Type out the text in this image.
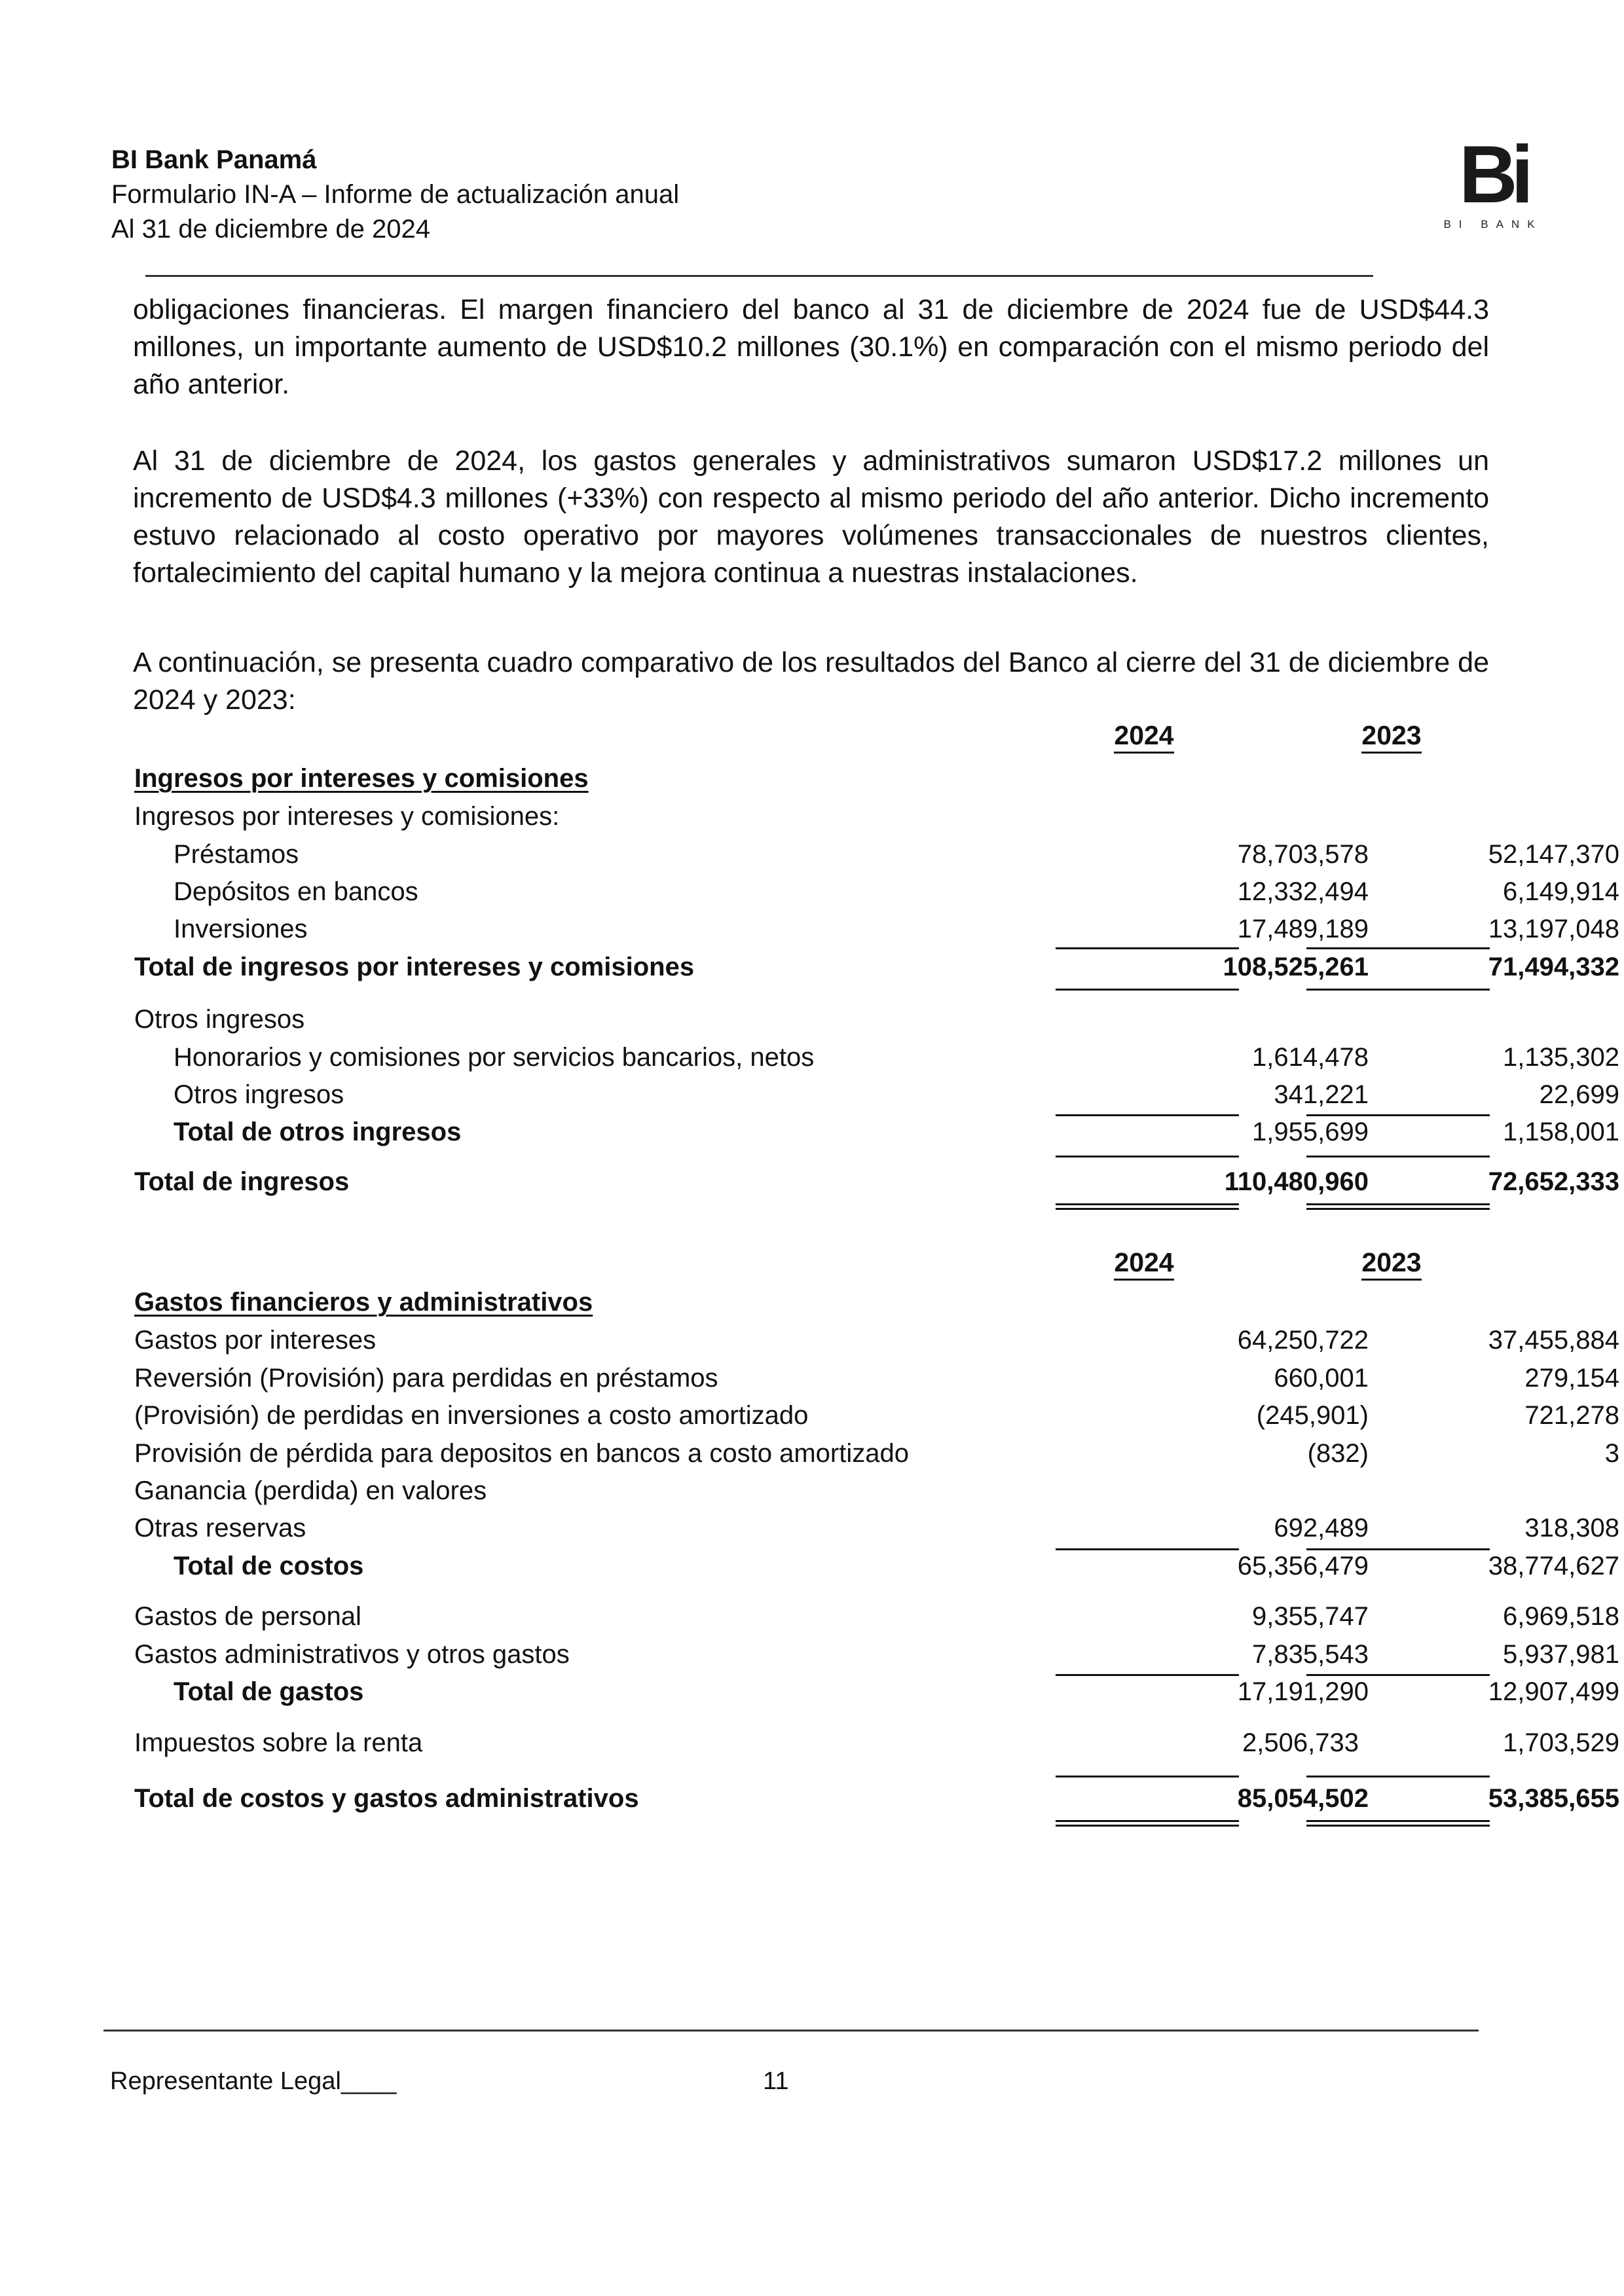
BI Bank Panamá
Formulario IN-A – Informe de actualización anual
Al 31 de diciembre de 2024
Bi
BI BANK

obligaciones financieras. El margen financiero del banco al 31 de diciembre de 2024 fue de USD$44.3 millones, un importante aumento de USD$10.2 millones (30.1%) en comparación con el mismo periodo del año anterior.

Al 31 de diciembre de 2024, los gastos generales y administrativos sumaron USD$17.2 millones un incremento de USD$4.3 millones (+33%) con respecto al mismo periodo del año anterior. Dicho incremento estuvo relacionado al costo operativo por mayores volúmenes transaccionales de nuestros clientes, fortalecimiento del capital humano y la mejora continua a nuestras instalaciones.

A continuación, se presenta cuadro comparativo de los resultados del Banco al cierre del 31 de diciembre de 2024 y 2023:

2024	2023
Ingresos por intereses y comisiones
Ingresos por intereses y comisiones:
Préstamos	78,703,578	52,147,370
Depósitos en bancos	12,332,494	6,149,914
Inversiones	17,489,189	13,197,048
Total de ingresos por intereses y comisiones	108,525,261	71,494,332
Otros ingresos
Honorarios y comisiones por servicios bancarios, netos	1,614,478	1,135,302
Otros ingresos	341,221	22,699
Total de otros ingresos	1,955,699	1,158,001
Total de ingresos	110,480,960	72,652,333
2024	2023
Gastos financieros y administrativos
Gastos por intereses	64,250,722	37,455,884
Reversión (Provisión) para perdidas en préstamos	660,001	279,154
(Provisión) de perdidas en inversiones a costo amortizado	(245,901)	721,278
Provisión de pérdida para depositos en bancos a costo amortizado	(832)	3
Ganancia (perdida) en valores
Otras reservas	692,489	318,308
Total de costos	65,356,479	38,774,627
Gastos de personal	9,355,747	6,969,518
Gastos administrativos y otros gastos	7,835,543	5,937,981
Total de gastos	17,191,290	12,907,499
Impuestos sobre la renta	2,506,733	1,703,529
Total de costos y gastos administrativos	85,054,502	53,385,655
Representante Legal____	11
